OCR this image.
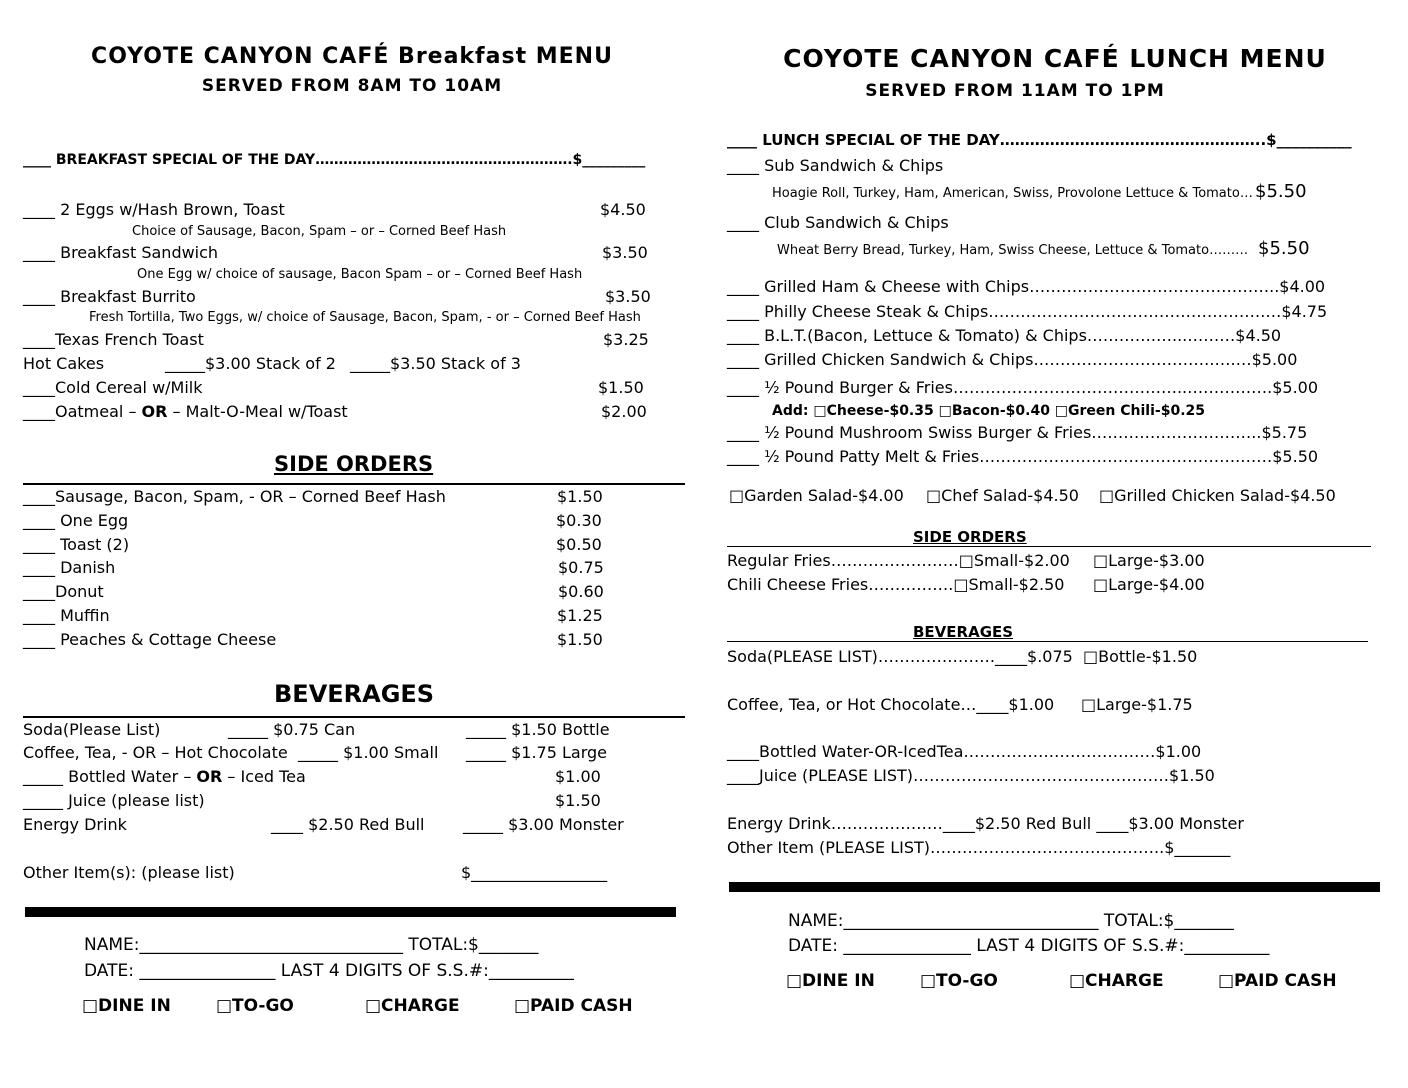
COYOTE CANYON CAFÉ Breakfast MENU
SERVED FROM 8AM TO 10AM
____ BREAKFAST SPECIAL OF THE DAY……………………………………………….$_________
____ 2 Eggs w/Hash Brown, Toast	$4.50
Choice of Sausage, Bacon, Spam – or – Corned Beef Hash
____ Breakfast Sandwich	$3.50
One Egg w/ choice of sausage, Bacon Spam – or – Corned Beef Hash
____ Breakfast Burrito	$3.50
Fresh Tortilla, Two Eggs, w/ choice of Sausage, Bacon, Spam, - or – Corned Beef Hash
____Texas French Toast	$3.25
Hot Cakes	_____$3.00 Stack of 2 _____$3.50 Stack of 3
____Cold Cereal w/Milk	$1.50
____Oatmeal – OR – Malt-O-Meal w/Toast	$2.00
SIDE ORDERS
____Sausage, Bacon, Spam, - OR – Corned Beef Hash	$1.50
____ One Egg	$0.30
____ Toast (2)	$0.50
____ Danish	$0.75
____Donut	$0.60
____ Muffin	$1.25
____ Peaches & Cottage Cheese	$1.50
BEVERAGES
Soda(Please List)	_____ $0.75 Can	_____ $1.50 Bottle
Coffee, Tea, - OR – Hot Chocolate _____ $1.00 Small _____ $1.75 Large
_____ Bottled Water – OR – Iced Tea	$1.00
_____ Juice (please list)	$1.50
Energy Drink	____ $2.50 Red Bull _____ $3.00 Monster
Other Item(s): (please list)	$_________________
NAME:_______________________________ TOTAL:$_______
DATE: ________________ LAST 4 DIGITS OF S.S.#:__________
□DINE IN	□TO-GO	□CHARGE	□PAID CASH
COYOTE CANYON CAFÉ LUNCH MENU
SERVED FROM 11AM TO 1PM
____ LUNCH SPECIAL OF THE DAY……………………………………………..$__________
____ Sub Sandwich & Chips
Hoagie Roll, Turkey, Ham, American, Swiss, Provolone Lettuce & Tomato… $5.50
____ Club Sandwich & Chips
Wheat Berry Bread, Turkey, Ham, Swiss Cheese, Lettuce & Tomato……… $5.50
____ Grilled Ham & Cheese with Chips………………………………………..$4.00
____ Philly Cheese Steak & Chips…………………………………………….…$4.75
____ B.L.T.(Bacon, Lettuce & Tomato) & Chips………….…...………$4.50
____ Grilled Chicken Sandwich & Chips…………………………….….…$5.00
____ ½ Pound Burger & Fries……………………………………..…………….$5.00
Add: □Cheese-$0.35 □Bacon-$0.40 □Green Chili-$0.25
____ ½ Pound Mushroom Swiss Burger & Fries…………………………..$5.75
____ ½ Pound Patty Melt & Fries………………………………………….……$5.50
□Garden Salad-$4.00 □Chef Salad-$4.50 □Grilled Chicken Salad-$4.50
SIDE ORDERS
Regular Fries……………………□Small-$2.00 □Large-$3.00
Chili Cheese Fries…………….□Small-$2.50 □Large-$4.00
BEVERAGES
Soda(PLEASE LIST)………………….____$.075 □Bottle-$1.50
Coffee, Tea, or Hot Chocolate…____$1.00 □Large-$1.75
____Bottled Water-OR-IcedTea………………………………$1.00
____Juice (PLEASE LIST)…………………………………………$1.50
Energy Drink…………………____$2.50 Red Bull ____$3.00 Monster
Other Item (PLEASE LIST)……………………………………..$_______
NAME:______________________________ TOTAL:$_______
DATE: _______________ LAST 4 DIGITS OF S.S.#:__________
□DINE IN	□TO-GO	□CHARGE	□PAID CASH
